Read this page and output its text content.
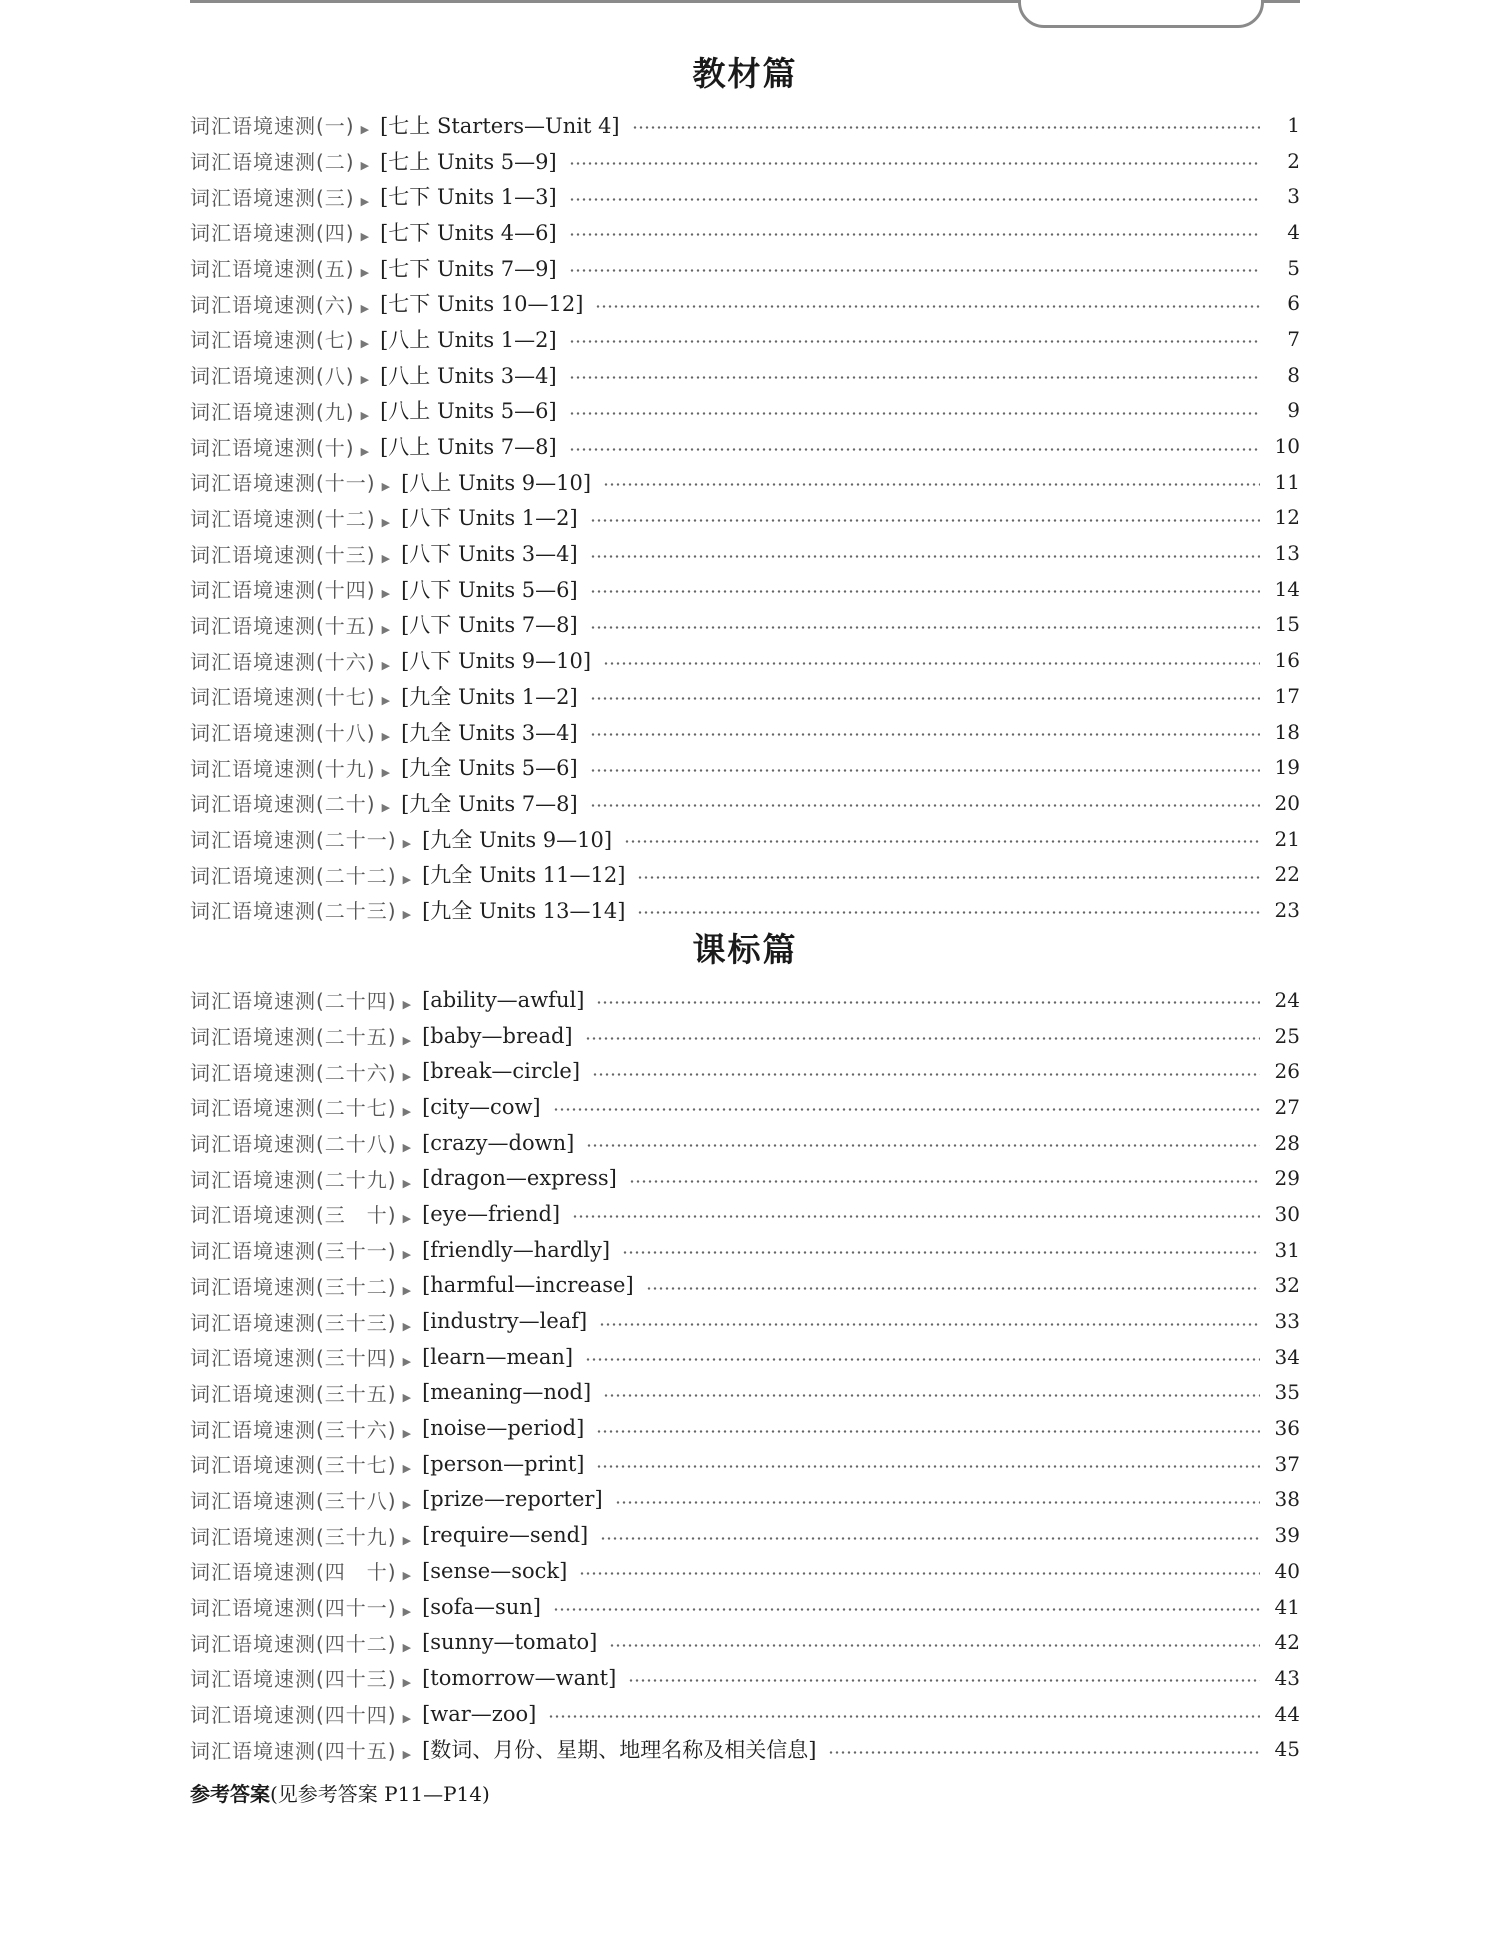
教材篇
词汇语境速测(一) ▶ [七上 Starters—Unit 4]	1
词汇语境速测(二) ▶ [七上 Units 5—9]	2
词汇语境速测(三) ▶ [七下 Units 1—3]	3
词汇语境速测(四) ▶ [七下 Units 4—6]	4
词汇语境速测(五) ▶ [七下 Units 7—9]	5
词汇语境速测(六) ▶ [七下 Units 10—12]	6
词汇语境速测(七) ▶ [八上 Units 1—2]	7
词汇语境速测(八) ▶ [八上 Units 3—4]	8
词汇语境速测(九) ▶ [八上 Units 5—6]	9
词汇语境速测(十) ▶ [八上 Units 7—8]	10
词汇语境速测(十一) ▶ [八上 Units 9—10]	11
词汇语境速测(十二) ▶ [八下 Units 1—2]	12
词汇语境速测(十三) ▶ [八下 Units 3—4]	13
词汇语境速测(十四) ▶ [八下 Units 5—6]	14
词汇语境速测(十五) ▶ [八下 Units 7—8]	15
词汇语境速测(十六) ▶ [八下 Units 9—10]	16
词汇语境速测(十七) ▶ [九全 Units 1—2]	17
词汇语境速测(十八) ▶ [九全 Units 3—4]	18
词汇语境速测(十九) ▶ [九全 Units 5—6]	19
词汇语境速测(二十) ▶ [九全 Units 7—8]	20
词汇语境速测(二十一) ▶ [九全 Units 9—10]	21
词汇语境速测(二十二) ▶ [九全 Units 11—12]	22
词汇语境速测(二十三) ▶ [九全 Units 13—14]	23
课标篇
词汇语境速测(二十四) ▶ [ability—awful]	24
词汇语境速测(二十五) ▶ [baby—bread]	25
词汇语境速测(二十六) ▶ [break—circle]	26
词汇语境速测(二十七) ▶ [city—cow]	27
词汇语境速测(二十八) ▶ [crazy—down]	28
词汇语境速测(二十九) ▶ [dragon—express]	29
词汇语境速测(三　十) ▶ [eye—friend]	30
词汇语境速测(三十一) ▶ [friendly—hardly]	31
词汇语境速测(三十二) ▶ [harmful—increase]	32
词汇语境速测(三十三) ▶ [industry—leaf]	33
词汇语境速测(三十四) ▶ [learn—mean]	34
词汇语境速测(三十五) ▶ [meaning—nod]	35
词汇语境速测(三十六) ▶ [noise—period]	36
词汇语境速测(三十七) ▶ [person—print]	37
词汇语境速测(三十八) ▶ [prize—reporter]	38
词汇语境速测(三十九) ▶ [require—send]	39
词汇语境速测(四　十) ▶ [sense—sock]	40
词汇语境速测(四十一) ▶ [sofa—sun]	41
词汇语境速测(四十二) ▶ [sunny—tomato]	42
词汇语境速测(四十三) ▶ [tomorrow—want]	43
词汇语境速测(四十四) ▶ [war—zoo]	44
词汇语境速测(四十五) ▶ [数词、月份、星期、地理名称及相关信息]	45
参考答案(见参考答案 P11—P14)
